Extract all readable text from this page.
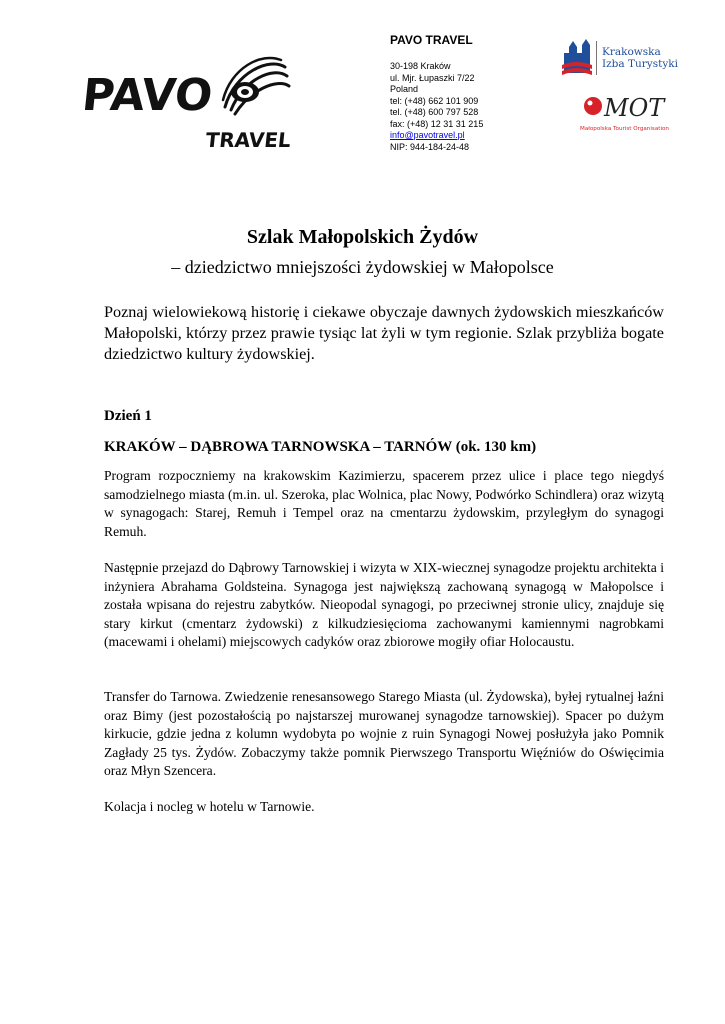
PAVO
TRAVEL
PAVO TRAVEL
30-198 Kraków
ul. Mjr. Łupaszki 7/22
Poland
tel: (+48) 662 101 909
tel. (+48) 600 797 528
fax: (+48) 12 31 31 215
info@pavotravel.pl
NIP: 944-184-24-48
Krakowska
Izba Turystyki
MOT
Małopolska Tourist Organisation
Szlak Małopolskich Żydów
– dziedzictwo mniejszości żydowskiej w Małopolsce
Poznaj wielowiekową historię i ciekawe obyczaje dawnych żydowskich mieszkańców Małopolski, którzy przez prawie tysiąc lat żyli w tym regionie. Szlak przybliża bogate dziedzictwo kultury żydowskiej.
Dzień 1
KRAKÓW – DĄBROWA TARNOWSKA – TARNÓW (ok. 130 km)
Program rozpoczniemy na krakowskim Kazimierzu, spacerem przez ulice i place tego niegdyś samodzielnego miasta (m.in. ul. Szeroka, plac Wolnica, plac Nowy, Podwórko Schindlera) oraz wizytą w synagogach: Starej, Remuh i Tempel oraz na cmentarzu żydowskim, przyległym do synagogi Remuh.
Następnie przejazd do Dąbrowy Tarnowskiej i wizyta w XIX-wiecznej synagodze projektu architekta i inżyniera Abrahama Goldsteina. Synagoga jest największą zachowaną synagogą w Małopolsce i została wpisana do rejestru zabytków. Nieopodal synagogi, po przeciwnej stronie ulicy, znajduje się stary kirkut (cmentarz żydowski) z kilkudziesięcioma zachowanymi kamiennymi nagrobkami (macewami i ohelami) miejscowych cadyków oraz zbiorowe mogiły ofiar Holocaustu.
Transfer do Tarnowa. Zwiedzenie renesansowego Starego Miasta (ul. Żydowska), byłej rytualnej łaźni oraz Bimy (jest pozostałością po najstarszej murowanej synagodze tarnowskiej). Spacer po dużym kirkucie, gdzie jedna z kolumn wydobyta po wojnie z ruin Synagogi Nowej posłużyła jako Pomnik Zagłady 25 tys. Żydów. Zobaczymy także pomnik Pierwszego Transportu Więźniów do Oświęcimia oraz Młyn Szencera.
Kolacja i nocleg w hotelu w Tarnowie.
